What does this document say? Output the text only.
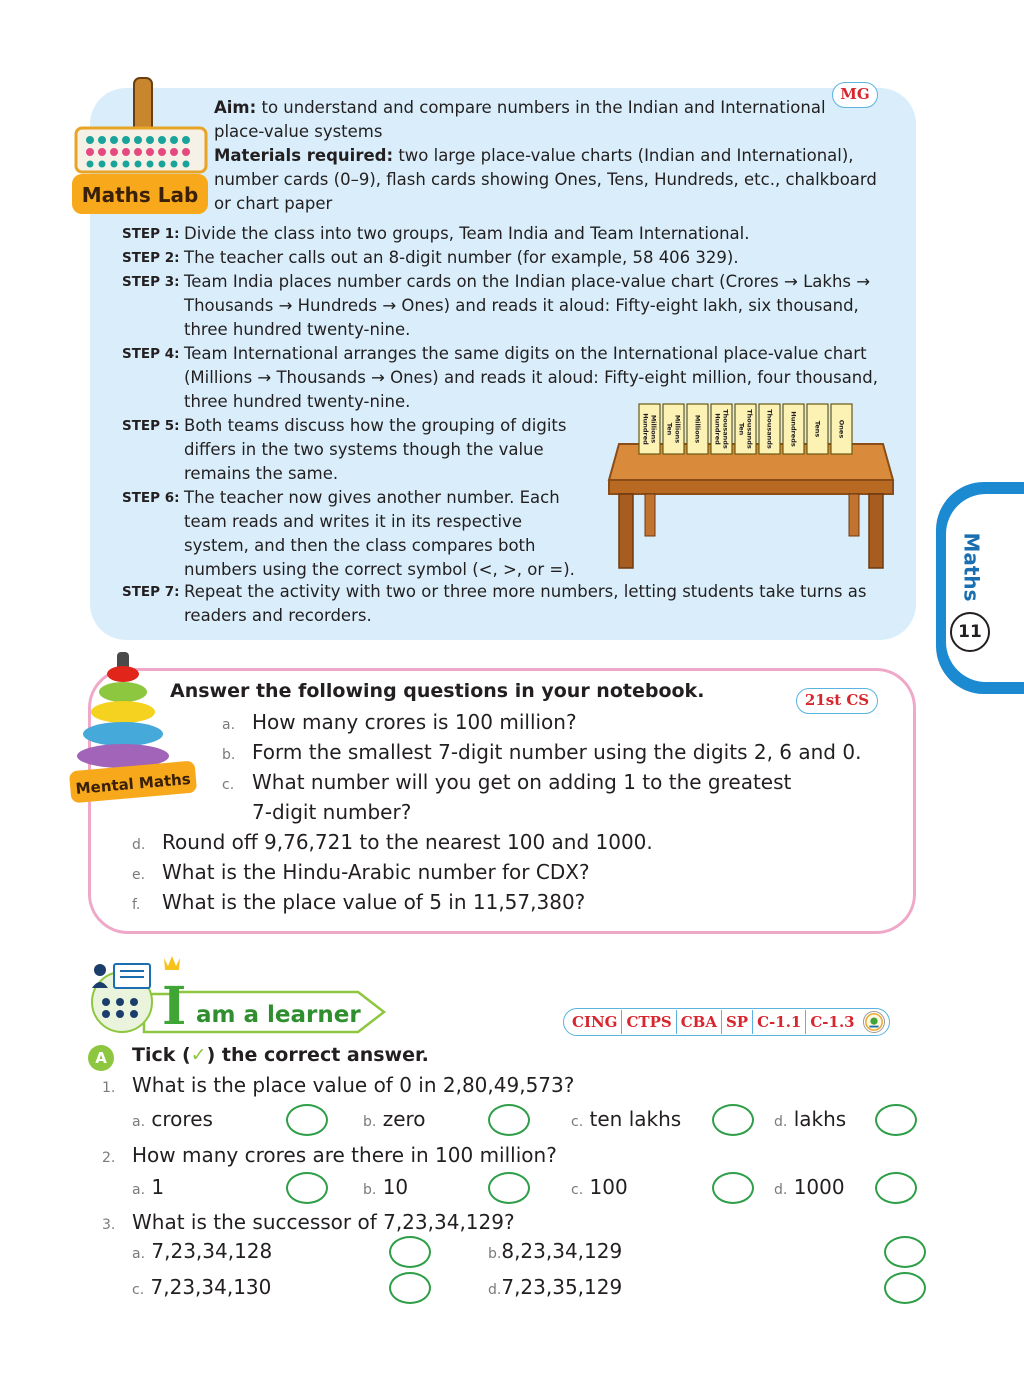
Maths Lab
MG
Aim: to understand and compare numbers in the Indian and International place-value systems
Materials required: two large place-value charts (Indian and International), number cards (0–9), flash cards showing Ones, Tens, Hundreds, etc., chalkboard or chart paper
STEP 1: Divide the class into two groups, Team India and Team International.
STEP 2: The teacher calls out an 8-digit number (for example, 58 406 329).
STEP 3: Team India places number cards on the Indian place-value chart (Crores → Lakhs → Thousands → Hundreds → Ones) and reads it aloud: Fifty-eight lakh, six thousand, three hundred twenty-nine.
STEP 4: Team International arranges the same digits on the International place-value chart (Millions → Thousands → Ones) and reads it aloud: Fifty-eight million, four thousand, three hundred twenty-nine.
STEP 5: Both teams discuss how the grouping of digits differs in the two systems though the value remains the same.
STEP 6: The teacher now gives another number. Each team reads and writes it in its respective system, and then the class compares both numbers using the correct symbol (<, >, or =).
STEP 7: Repeat the activity with two or three more numbers, letting students take turns as readers and recorders.
Hundred Millions Ten Millions Millions Hundred Thousands Ten Thousands Thousands Hundreds Tens Ones
Maths
11
Mental Maths
21st CS
Answer the following questions in your notebook.
a. How many crores is 100 million?
b. Form the smallest 7-digit number using the digits 2, 6 and 0.
c. What number will you get on adding 1 to the greatest
7-digit number?
d. Round off 9,76,721 to the nearest 100 and 1000.
e. What is the Hindu-Arabic number for CDX?
f. What is the place value of 5 in 11,57,380?
I am a learner	CING CTPS CBA SP C-1.1 C-1.3
A	Tick (✓) the correct answer.
1. What is the place value of 0 in 2,80,49,573?
a. crores	b. zero	c. ten lakhs	d. lakhs
2. How many crores are there in 100 million?
a. 1	b. 10	c. 100	d. 1000
3. What is the successor of 7,23,34,129?
a. 7,23,34,128	b.8,23,34,129
c. 7,23,34,130	d.7,23,35,129
